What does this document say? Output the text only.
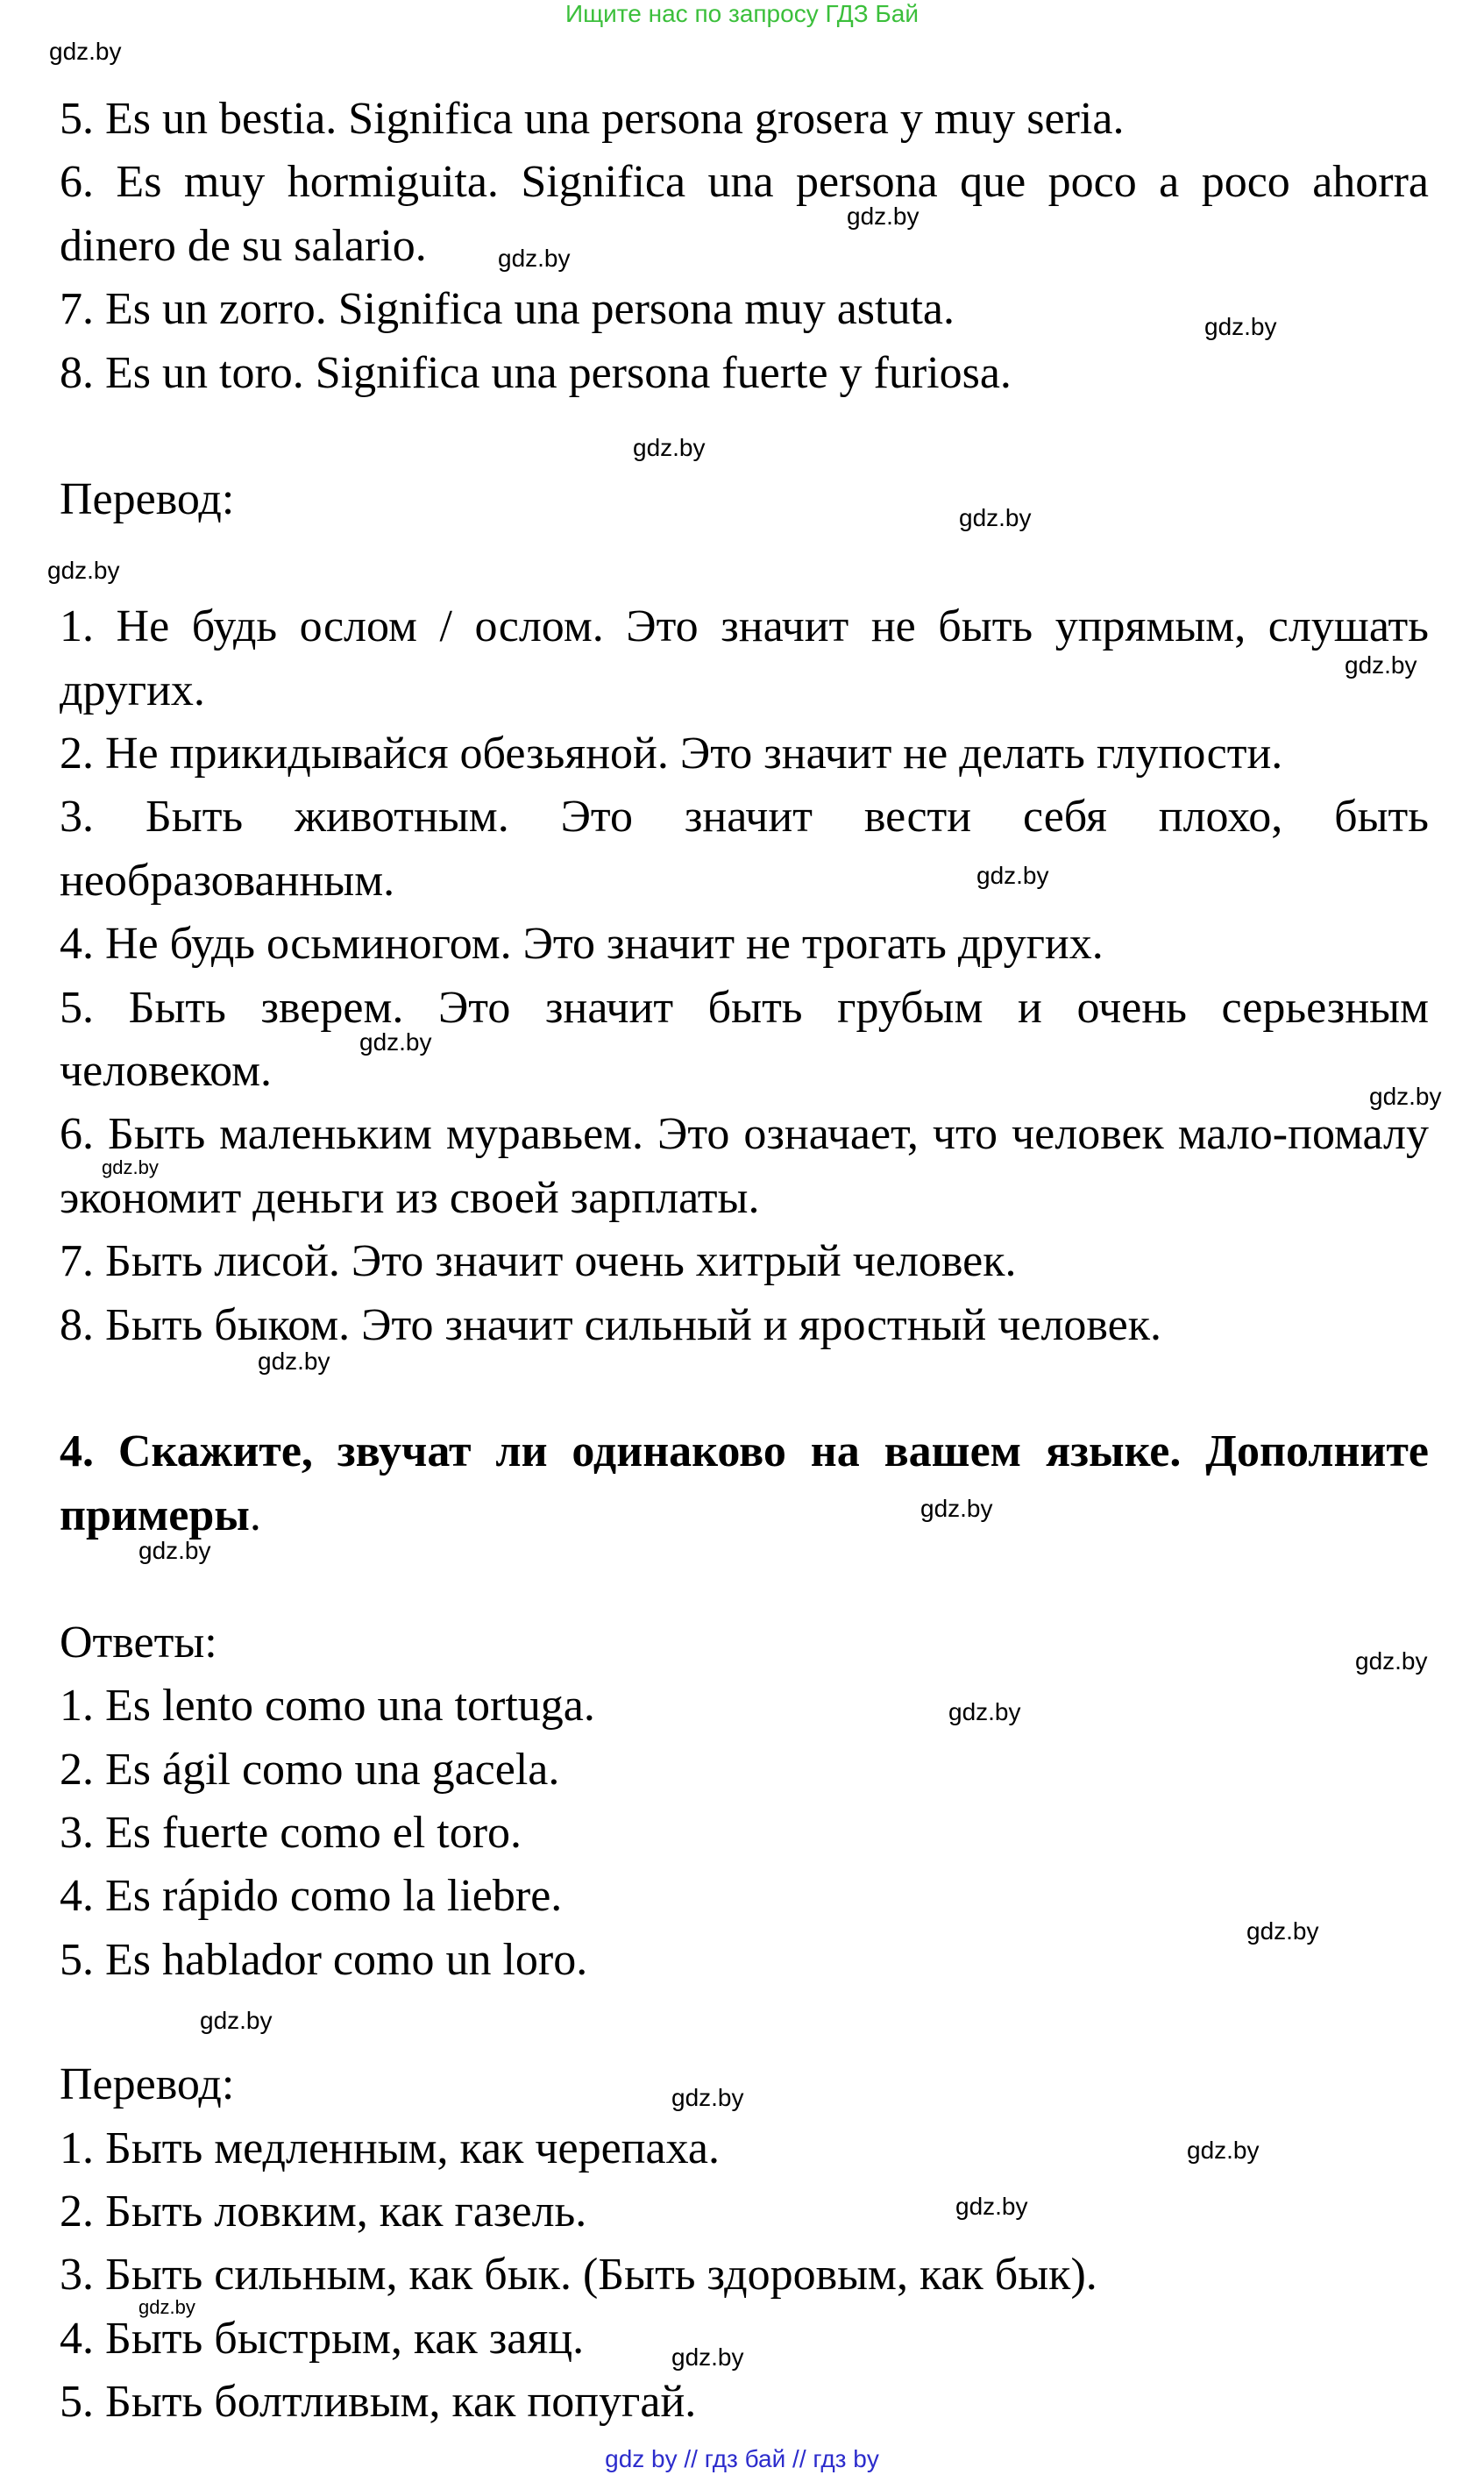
Ищите нас по запросу ГДЗ Бай

5. Es un bestia. Significa una persona grosera y muy seria.

6. Es muy hormiguita. Significa una persona que poco a poco ahorra dinero de su salario.

7. Es un zorro. Significa una persona muy astuta.

8. Es un toro. Significa una persona fuerte y furiosa.

Перевод:

1. Не будь ослом / ослом. Это значит не быть упрямым, слушать других.

2. Не прикидывайся обезьяной. Это значит не делать глупости.

3. Быть животным. Это значит вести себя плохо, быть необразованным.

4. Не будь осьминогом. Это значит не трогать других.

5. Быть зверем. Это значит быть грубым и очень серьезным человеком.

6. Быть маленьким муравьем. Это означает, что человек мало-помалу экономит деньги из своей зарплаты.

7. Быть лисой. Это значит очень хитрый человек.

8. Быть быком. Это значит сильный и яростный человек.

4. Скажите, звучат ли одинаково на вашем языке. Дополните примеры.

Ответы:

1. Es lento como una tortuga.

2. Es ágil como una gacela.

3. Es fuerte como el toro.

4. Es rápido como la liebre.

5. Es hablador como un loro.

Перевод:

1. Быть медленным, как черепаха.

2. Быть ловким, как газель.

3. Быть сильным, как бык. (Быть здоровым, как бык).

4. Быть быстрым, как заяц.

5. Быть болтливым, как попугай.

gdz.by

gdz.by

gdz.by

gdz.by

gdz.by

gdz.by

gdz.by

gdz.by

gdz.by

gdz.by

gdz.by

gdz.by

gdz.by

gdz.by

gdz.by

gdz.by

gdz.by

gdz.by

gdz.by

gdz.by

gdz.by

gdz.by

gdz.by

gdz.by

gdz by // гдз бай // гдз by
